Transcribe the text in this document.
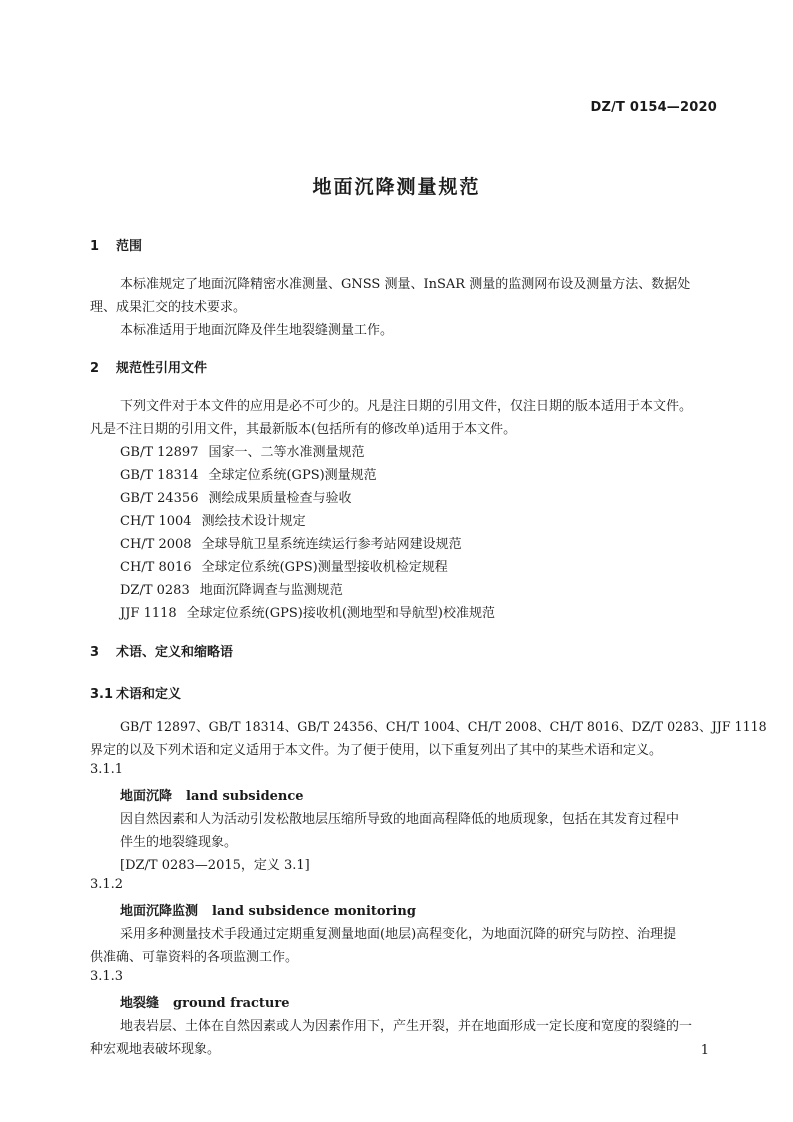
DZ/T 0154—2020
地面沉降测量规范
1 范围
本标准规定了地面沉降精密水准测量、GNSS 测量、InSAR 测量的监测网布设及测量方法、数据处
理、成果汇交的技术要求。
本标准适用于地面沉降及伴生地裂缝测量工作。
2 规范性引用文件
下列文件对于本文件的应用是必不可少的。凡是注日期的引用文件，仅注日期的版本适用于本文件。
凡是不注日期的引用文件，其最新版本(包括所有的修改单)适用于本文件。
GB/T 12897 国家一、二等水准测量规范
GB/T 18314 全球定位系统(GPS)测量规范
GB/T 24356 测绘成果质量检查与验收
CH/T 1004 测绘技术设计规定
CH/T 2008 全球导航卫星系统连续运行参考站网建设规范
CH/T 8016 全球定位系统(GPS)测量型接收机检定规程
DZ/T 0283 地面沉降调查与监测规范
JJF 1118 全球定位系统(GPS)接收机(测地型和导航型)校准规范
3 术语、定义和缩略语
3.1 术语和定义
GB/T 12897、GB/T 18314、GB/T 24356、CH/T 1004、CH/T 2008、CH/T 8016、DZ/T 0283、JJF 1118
界定的以及下列术语和定义适用于本文件。为了便于使用，以下重复列出了其中的某些术语和定义。
3.1.1
地面沉降 land subsidence
因自然因素和人为活动引发松散地层压缩所导致的地面高程降低的地质现象，包括在其发育过程中
伴生的地裂缝现象。
[DZ/T 0283—2015，定义 3.1]
3.1.2
地面沉降监测 land subsidence monitoring
采用多种测量技术手段通过定期重复测量地面(地层)高程变化，为地面沉降的研究与防控、治理提
供准确、可靠资料的各项监测工作。
3.1.3
地裂缝 ground fracture
地表岩层、土体在自然因素或人为因素作用下，产生开裂，并在地面形成一定长度和宽度的裂缝的一
种宏观地表破坏现象。	1
